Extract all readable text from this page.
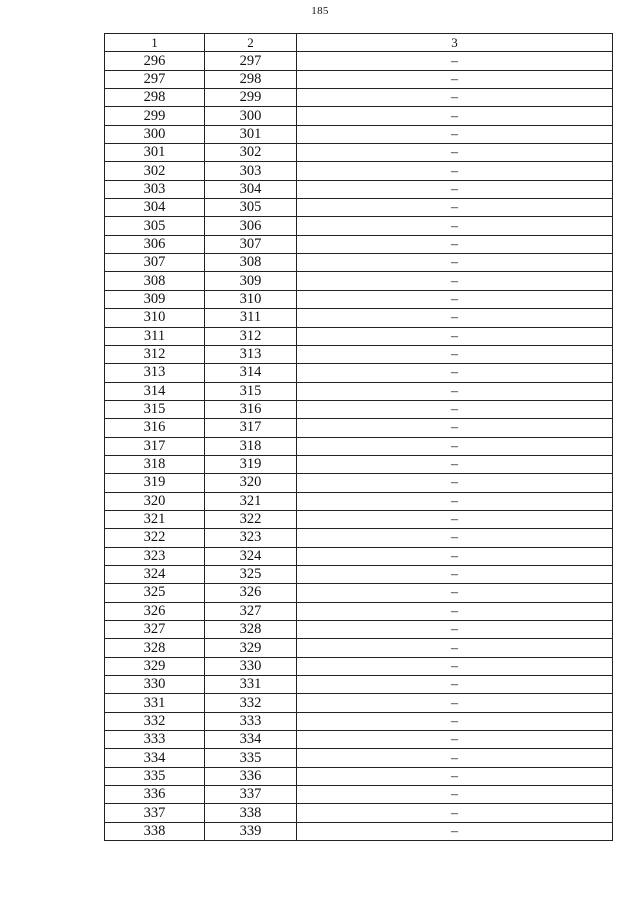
185
1	2	3
296	297	–
297	298	–
298	299	–
299	300	–
300	301	–
301	302	–
302	303	–
303	304	–
304	305	–
305	306	–
306	307	–
307	308	–
308	309	–
309	310	–
310	311	–
311	312	–
312	313	–
313	314	–
314	315	–
315	316	–
316	317	–
317	318	–
318	319	–
319	320	–
320	321	–
321	322	–
322	323	–
323	324	–
324	325	–
325	326	–
326	327	–
327	328	–
328	329	–
329	330	–
330	331	–
331	332	–
332	333	–
333	334	–
334	335	–
335	336	–
336	337	–
337	338	–
338	339	–
